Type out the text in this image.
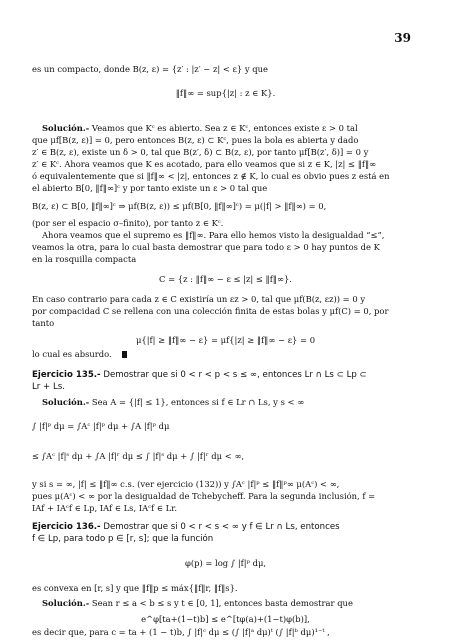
39
es un compacto, donde B(z, ε) = {z′ : |z′ − z| < ε} y que
‖f‖∞ = sup{|z| : z ∈ K}.
Solución.- Veamos que Kᶜ es abierto. Sea z ∈ Kᶜ, entonces existe ε > 0 tal
que μf[B(z, ε)] = 0, pero entonces B(z, ε) ⊂ Kᶜ, pues la bola es abierta y dado
z′ ∈ B(z, ε), existe un δ > 0, tal que B(z′, δ) ⊂ B(z, ε), por tanto μf[B(z′, δ)] = 0 y
z′ ∈ Kᶜ. Ahora veamos que K es acotado, para ello veamos que si z ∈ K, |z| ≤ ‖f‖∞
ó equivalentemente que si ‖f‖∞ < |z|, entonces z ∉ K, lo cual es obvio pues z está en
el abierto B[0, ‖f‖∞]ᶜ y por tanto existe un ε > 0 tal que
B(z, ε) ⊂ B[0, ‖f‖∞]ᶜ ⇒ μf(B(z, ε)) ≤ μf(B[0, ‖f‖∞]ᶜ) = μ(|f| > ‖f‖∞) = 0,
(por ser el espacio σ–finito), por tanto z ∈ Kᶜ.
Ahora veamos que el supremo es ‖f‖∞. Para ello hemos visto la desigualdad “≤”,
veamos la otra, para lo cual basta demostrar que para todo ε > 0 hay puntos de K
en la rosquilla compacta
C = {z : ‖f‖∞ − ε ≤ |z| ≤ ‖f‖∞}.
En caso contrario para cada z ∈ C existiría un εz > 0, tal que μf(B(z, εz)) = 0 y
por compacidad C se rellena con una colección finita de estas bolas y μf(C) = 0, por
tanto
μ{|f| ≥ ‖f‖∞ − ε} = μf{|z| ≥ ‖f‖∞ − ε} = 0
lo cual es absurdo.
Ejercicio 135.- Demostrar que si 0 < r < p < s ≤ ∞, entonces Lr ∩ Ls ⊂ Lp ⊂
Lr + Ls.
Solución.- Sea A = {|f| ≤ 1}, entonces si f ∈ Lr ∩ Ls, y s < ∞
∫ |f|ᵖ dμ = ∫Aᶜ |f|ᵖ dμ + ∫A |f|ᵖ dμ
≤ ∫Aᶜ |f|ˢ dμ + ∫A |f|ʳ dμ ≤ ∫ |f|ˢ dμ + ∫ |f|ʳ dμ < ∞,
y si s = ∞, |f| ≤ ‖f‖∞ c.s. (ver ejercicio (132)) y ∫Aᶜ |f|ᵖ ≤ ‖f‖ᵖ∞ μ(Aᶜ) < ∞,
pues μ(Aᶜ) < ∞ por la desigualdad de Tchebycheff. Para la segunda inclusión, f =
IAf + IAᶜf ∈ Lp, IAf ∈ Ls, IAᶜf ∈ Lr.
Ejercicio 136.- Demostrar que si 0 < r < s < ∞ y f ∈ Lr ∩ Ls, entonces
f ∈ Lp, para todo p ∈ [r, s]; que la función
φ(p) = log ∫ |f|ᵖ dμ,
es convexa en [r, s] y que ‖f‖p ≤ máx{‖f‖r, ‖f‖s}.
Solución.- Sean r ≤ a < b ≤ s y t ∈ [0, 1], entonces basta demostrar que
e^φ[ta+(1−t)b] ≤ e^[tφ(a)+(1−t)φ(b)],
es decir que, para c = ta + (1 − t)b, ∫ |f|ᶜ dμ ≤ (∫ |f|ᵃ dμ)ᵗ (∫ |f|ᵇ dμ)¹⁻ᵗ ,
